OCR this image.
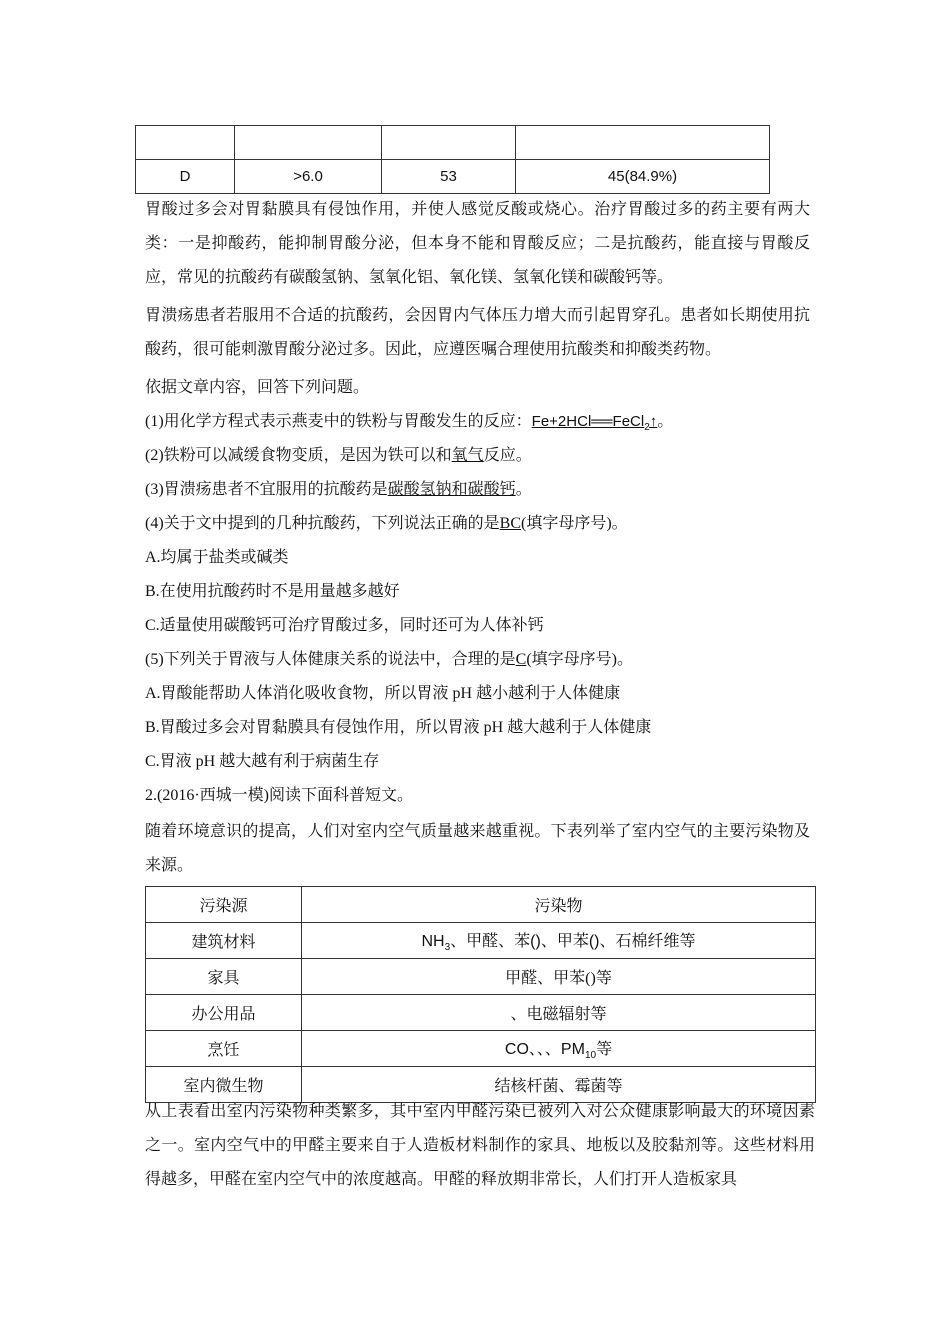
D	>6.0	53	45(84.9%)
胃酸过多会对胃黏膜具有侵蚀作用，并使人感觉反酸或烧心。治疗胃酸过多的药主要有两大类：一是抑酸药，能抑制胃酸分泌，但本身不能和胃酸反应；二是抗酸药，能直接与胃酸反应，常见的抗酸药有碳酸氢钠、氢氧化铝、氧化镁、氢氧化镁和碳酸钙等。
胃溃疡患者若服用不合适的抗酸药，会因胃内气体压力增大而引起胃穿孔。患者如长期使用抗酸药，很可能刺激胃酸分泌过多。因此，应遵医嘱合理使用抗酸类和抑酸类药物。
依据文章内容，回答下列问题。
(1)用化学方程式表示燕麦中的铁粉与胃酸发生的反应：Fe+2HCl══FeCl$_2$↑。
(2)铁粉可以减缓食物变质，是因为铁可以和氧气反应。
(3)胃溃疡患者不宜服用的抗酸药是碳酸氢钠和碳酸钙。
(4)关于文中提到的几种抗酸药，下列说法正确的是BC(填字母序号)。
A.均属于盐类或碱类
B.在使用抗酸药时不是用量越多越好
C.适量使用碳酸钙可治疗胃酸过多，同时还可为人体补钙
(5)下列关于胃液与人体健康关系的说法中，合理的是C(填字母序号)。
A.胃酸能帮助人体消化吸收食物，所以胃液 pH 越小越利于人体健康
B.胃酸过多会对胃黏膜具有侵蚀作用，所以胃液 pH 越大越利于人体健康
C.胃液 pH 越大越有利于病菌生存
2.(2016·西城一模)阅读下面科普短文。
随着环境意识的提高，人们对室内空气质量越来越重视。下表列举了室内空气的主要污染物及来源。
污染源	污染物
建筑材料	$NH_3$、甲醛、苯()、甲苯()、石棉纤维等
家具	甲醛、甲苯()等
办公用品	、电磁辐射等
烹饪	CO、、、$PM_{10}$等
室内微生物	结核杆菌、霉菌等
从上表看出室内污染物种类繁多，其中室内甲醛污染已被列入对公众健康影响最大的环境因素之一。室内空气中的甲醛主要来自于人造板材料制作的家具、地板以及胶黏剂等。这些材料用得越多，甲醛在室内空气中的浓度越高。甲醛的释放期非常长，人们打开人造板家具
